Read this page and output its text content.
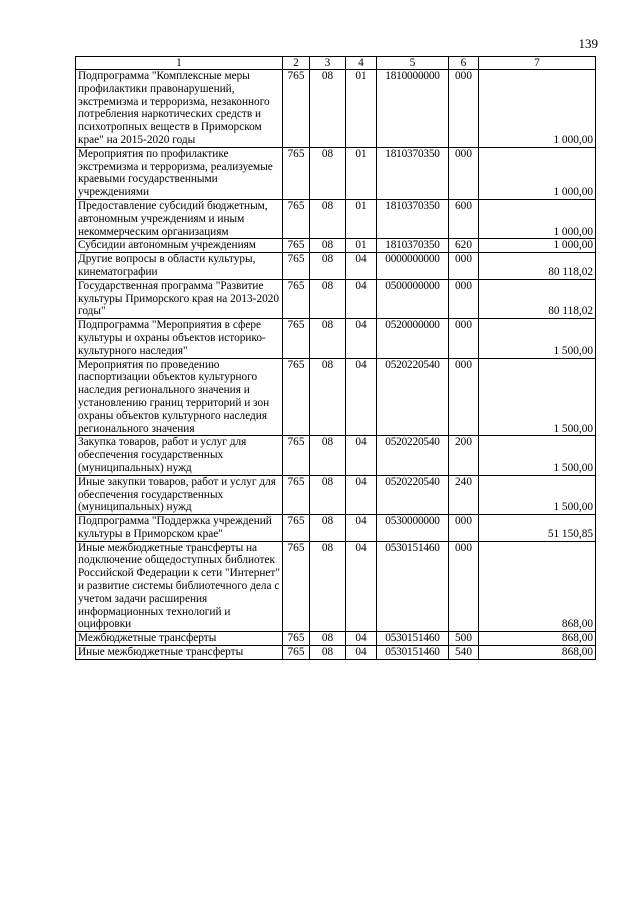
139
1	2	3	4	5	6	7
Подпрограмма "Комплексные меры профилактики правонарушений, экстремизма и терроризма, незаконного потребления наркотических средств и психотропных веществ в Приморском крае" на 2015-2020 годы	765	08	01	1810000000	000	1 000,00
Мероприятия по профилактике экстремизма и терроризма, реализуемые краевыми государственными учреждениями	765	08	01	1810370350	000	1 000,00
Предоставление субсидий бюджетным, автономным учреждениям и иным некоммерческим организациям	765	08	01	1810370350	600	1 000,00
Субсидии автономным учреждениям	765	08	01	1810370350	620	1 000,00
Другие вопросы в области культуры, кинематографии	765	08	04	0000000000	000	80 118,02
Государственная программа "Развитие культуры Приморского края на 2013-2020 годы"	765	08	04	0500000000	000	80 118,02
Подпрограмма "Мероприятия в сфере культуры и охраны объектов историко-культурного наследия"	765	08	04	0520000000	000	1 500,00
Мероприятия по проведению паспортизации объектов культурного наследия регионального значения и установлению границ территорий и зон охраны объектов культурного наследия регионального значения	765	08	04	0520220540	000	1 500,00
Закупка товаров, работ и услуг для обеспечения государственных (муниципальных) нужд	765	08	04	0520220540	200	1 500,00
Иные закупки товаров, работ и услуг для обеспечения государственных (муниципальных) нужд	765	08	04	0520220540	240	1 500,00
Подпрограмма "Поддержка учреждений культуры в Приморском крае"	765	08	04	0530000000	000	51 150,85
Иные межбюджетные трансферты на подключение общедоступных библиотек Российской Федерации к сети "Интернет" и развитие системы библиотечного дела с учетом задачи расширения информационных технологий и оцифровки	765	08	04	0530151460	000	868,00
Межбюджетные трансферты	765	08	04	0530151460	500	868,00
Иные межбюджетные трансферты	765	08	04	0530151460	540	868,00
